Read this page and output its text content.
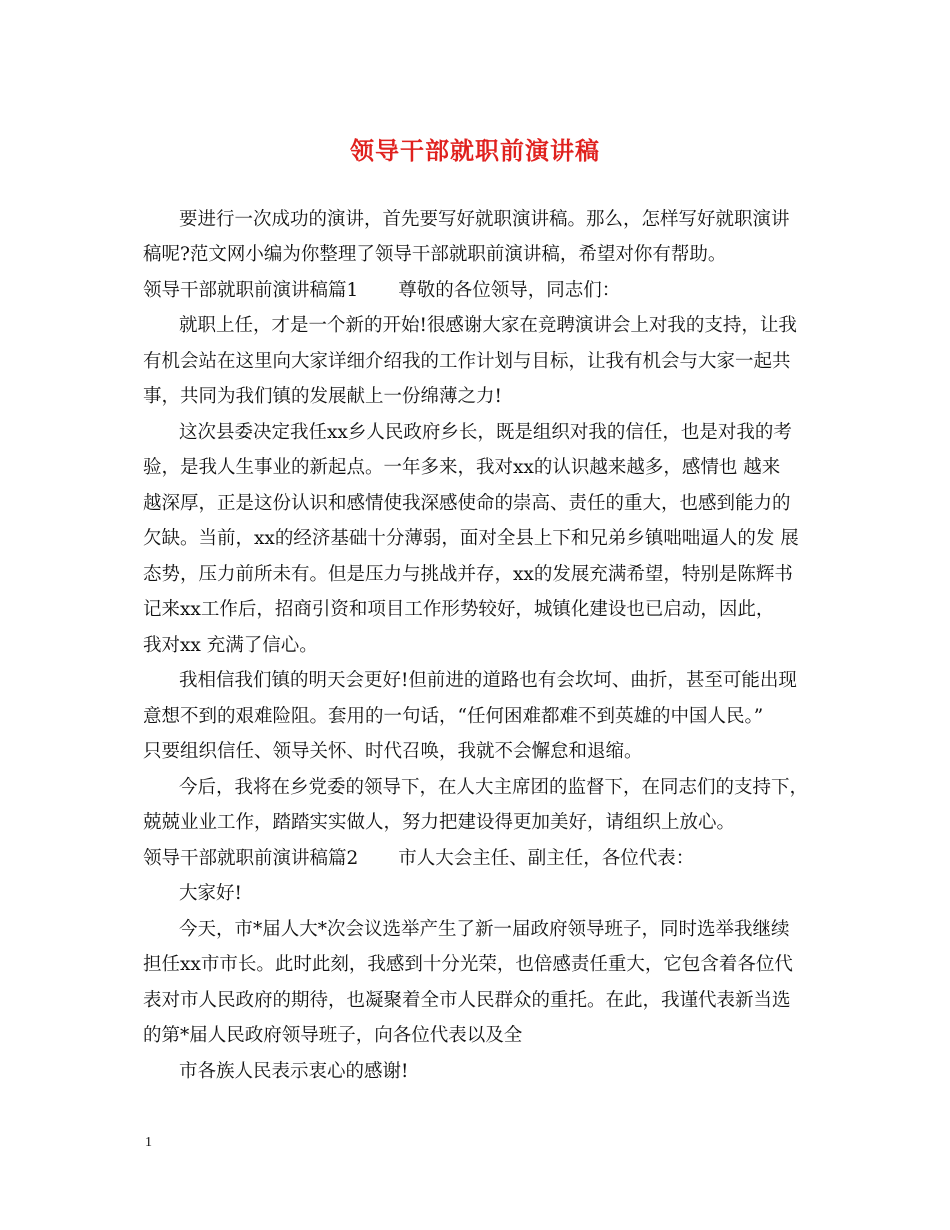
领导干部就职前演讲稿
要进行一次成功的演讲，首先要写好就职演讲稿。那么，怎样写好就职演讲
稿呢?范文网小编为你整理了领导干部就职前演讲稿，希望对你有帮助。
领导干部就职前演讲稿篇1 尊敬的各位领导，同志们：
就职上任，才是一个新的开始!很感谢大家在竞聘演讲会上对我的支持，让我
有机会站在这里向大家详细介绍我的工作计划与目标，让我有机会与大家一起共
事，共同为我们镇的发展献上一份绵薄之力!
这次县委决定我任xx乡人民政府乡长，既是组织对我的信任，也是对我的考
验，是我人生事业的新起点。一年多来，我对xx的认识越来越多，感情也 越来
越深厚，正是这份认识和感情使我深感使命的崇高、责任的重大，也感到能力的
欠缺。当前，xx的经济基础十分薄弱，面对全县上下和兄弟乡镇咄咄逼人的发 展
态势，压力前所未有。但是压力与挑战并存，xx的发展充满希望，特别是陈辉书
记来xx工作后，招商引资和项目工作形势较好，城镇化建设也已启动，因此，
我对xx 充满了信心。
我相信我们镇的明天会更好!但前进的道路也有会坎坷、曲折，甚至可能出现
意想不到的艰难险阻。套用的一句话，“任何困难都难不到英雄的中国人民。”
只要组织信任、领导关怀、时代召唤，我就不会懈怠和退缩。
今后，我将在乡党委的领导下，在人大主席团的监督下，在同志们的支持下，
兢兢业业工作，踏踏实实做人，努力把建设得更加美好，请组织上放心。
领导干部就职前演讲稿篇2 市人大会主任、副主任，各位代表：
大家好!
今天，市*届人大*次会议选举产生了新一届政府领导班子，同时选举我继续
担任xx市市长。此时此刻，我感到十分光荣，也倍感责任重大，它包含着各位代
表对市人民政府的期待，也凝聚着全市人民群众的重托。在此，我谨代表新当选
的第*届人民政府领导班子，向各位代表以及全
市各族人民表示衷心的感谢!
1
